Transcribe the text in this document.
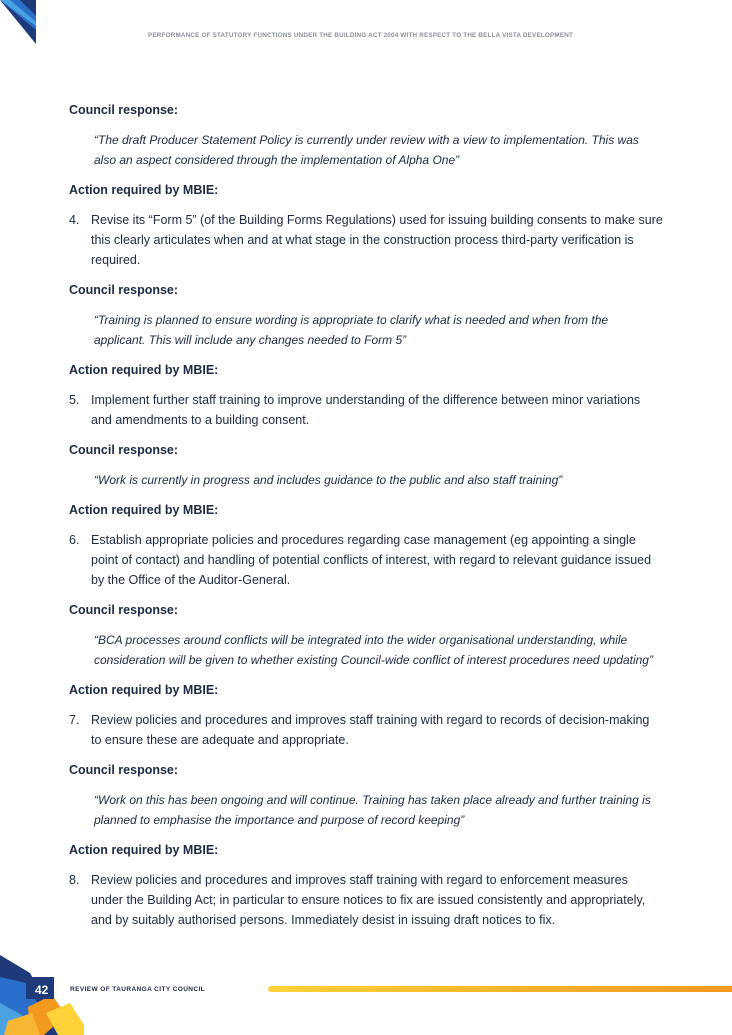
PERFORMANCE OF STATUTORY FUNCTIONS UNDER THE BUILDING ACT 2004 WITH RESPECT TO THE BELLA VISTA DEVELOPMENT

Council response:

“The draft Producer Statement Policy is currently under review with a view to implementation. This was also an aspect considered through the implementation of Alpha One”

Action required by MBIE:

4. Revise its “Form 5” (of the Building Forms Regulations) used for issuing building consents to make sure this clearly articulates when and at what stage in the construction process third-party verification is required.

Council response:

“Training is planned to ensure wording is appropriate to clarify what is needed and when from the applicant. This will include any changes needed to Form 5”

Action required by MBIE:

5. Implement further staff training to improve understanding of the difference between minor variations and amendments to a building consent.

Council response:

“Work is currently in progress and includes guidance to the public and also staff training”

Action required by MBIE:

6. Establish appropriate policies and procedures regarding case management (eg appointing a single point of contact) and handling of potential conflicts of interest, with regard to relevant guidance issued by the Office of the Auditor-General.

Council response:

“BCA processes around conflicts will be integrated into the wider organisational understanding, while consideration will be given to whether existing Council-wide conflict of interest procedures need updating”

Action required by MBIE:

7. Review policies and procedures and improves staff training with regard to records of decision-making to ensure these are adequate and appropriate.

Council response:

“Work on this has been ongoing and will continue. Training has taken place already and further training is planned to emphasise the importance and purpose of record keeping”

Action required by MBIE:

8. Review policies and procedures and improves staff training with regard to enforcement measures under the Building Act; in particular to ensure notices to fix are issued consistently and appropriately, and by suitably authorised persons. Immediately desist in issuing draft notices to fix.
42	REVIEW OF TAURANGA CITY COUNCIL
